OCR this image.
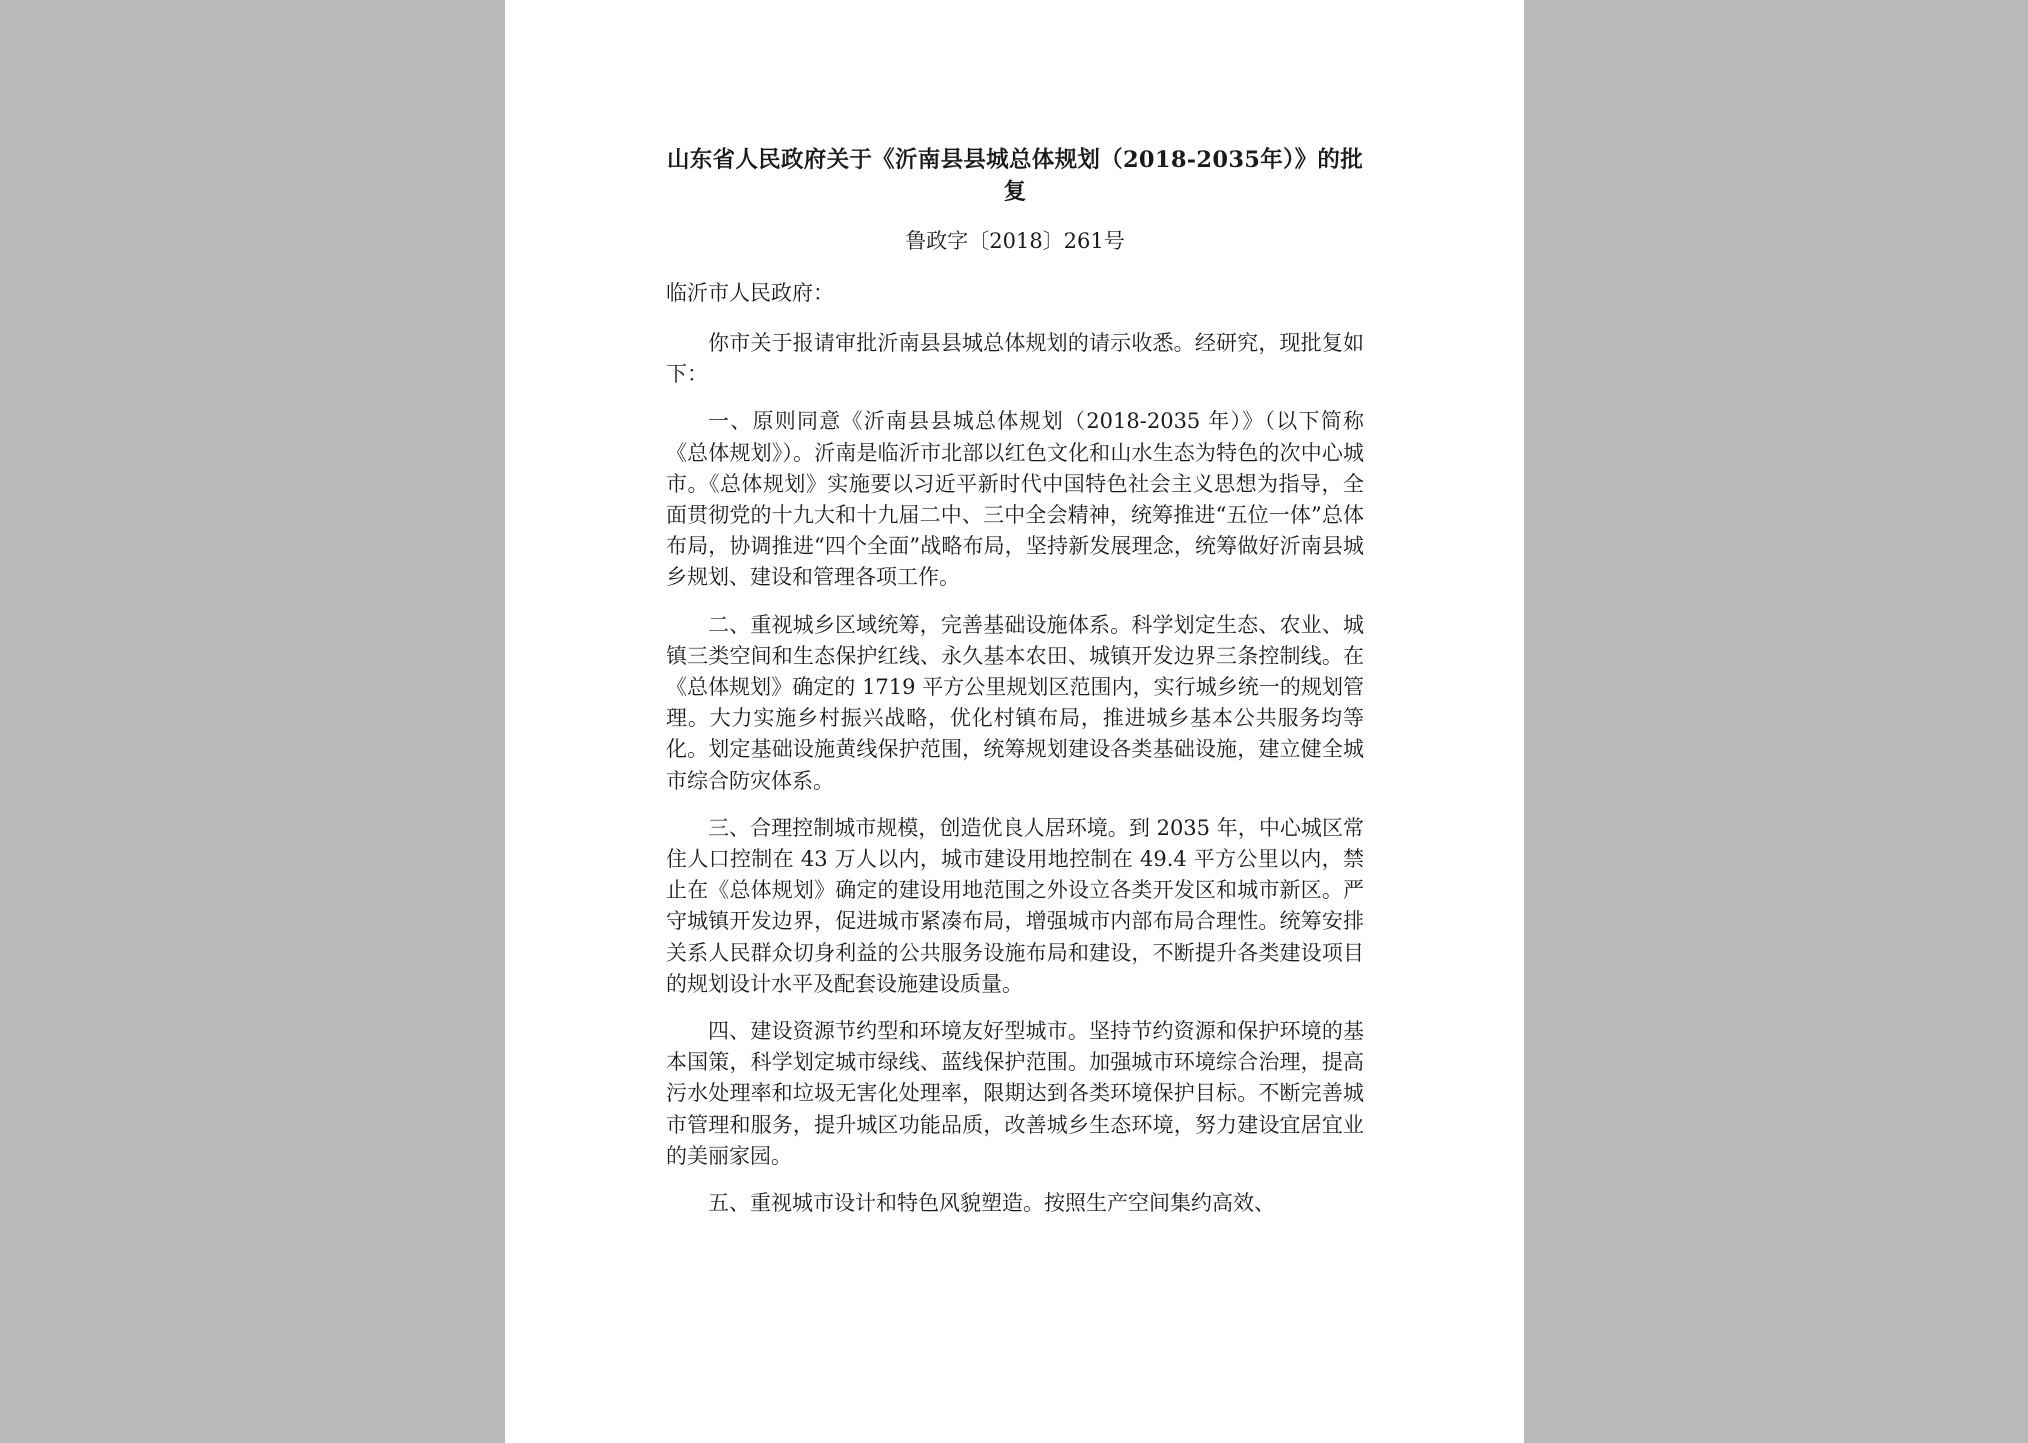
山东省人民政府关于《沂南县县城总体规划（2018-2035年）》的批复

鲁政字〔2018〕261号

临沂市人民政府：

你市关于报请审批沂南县县城总体规划的请示收悉。经研究，现批复如下：

一、原则同意《沂南县县城总体规划（2018-2035 年）》（以下简称《总体规划》）。沂南是临沂市北部以红色文化和山水生态为特色的次中心城市。《总体规划》实施要以习近平新时代中国特色社会主义思想为指导，全面贯彻党的十九大和十九届二中、三中全会精神，统筹推进“五位一体”总体布局，协调推进“四个全面”战略布局，坚持新发展理念，统筹做好沂南县城乡规划、建设和管理各项工作。

二、重视城乡区域统筹，完善基础设施体系。科学划定生态、农业、城镇三类空间和生态保护红线、永久基本农田、城镇开发边界三条控制线。在《总体规划》确定的 1719 平方公里规划区范围内，实行城乡统一的规划管理。大力实施乡村振兴战略，优化村镇布局，推进城乡基本公共服务均等化。划定基础设施黄线保护范围，统筹规划建设各类基础设施，建立健全城市综合防灾体系。

三、合理控制城市规模，创造优良人居环境。到 2035 年，中心城区常住人口控制在 43 万人以内，城市建设用地控制在 49.4 平方公里以内，禁止在《总体规划》确定的建设用地范围之外设立各类开发区和城市新区。严守城镇开发边界，促进城市紧凑布局，增强城市内部布局合理性。统筹安排关系人民群众切身利益的公共服务设施布局和建设，不断提升各类建设项目的规划设计水平及配套设施建设质量。

四、建设资源节约型和环境友好型城市。坚持节约资源和保护环境的基本国策，科学划定城市绿线、蓝线保护范围。加强城市环境综合治理，提高污水处理率和垃圾无害化处理率，限期达到各类环境保护目标。不断完善城市管理和服务，提升城区功能品质，改善城乡生态环境，努力建设宜居宜业的美丽家园。

五、重视城市设计和特色风貌塑造。按照生产空间集约高效、
